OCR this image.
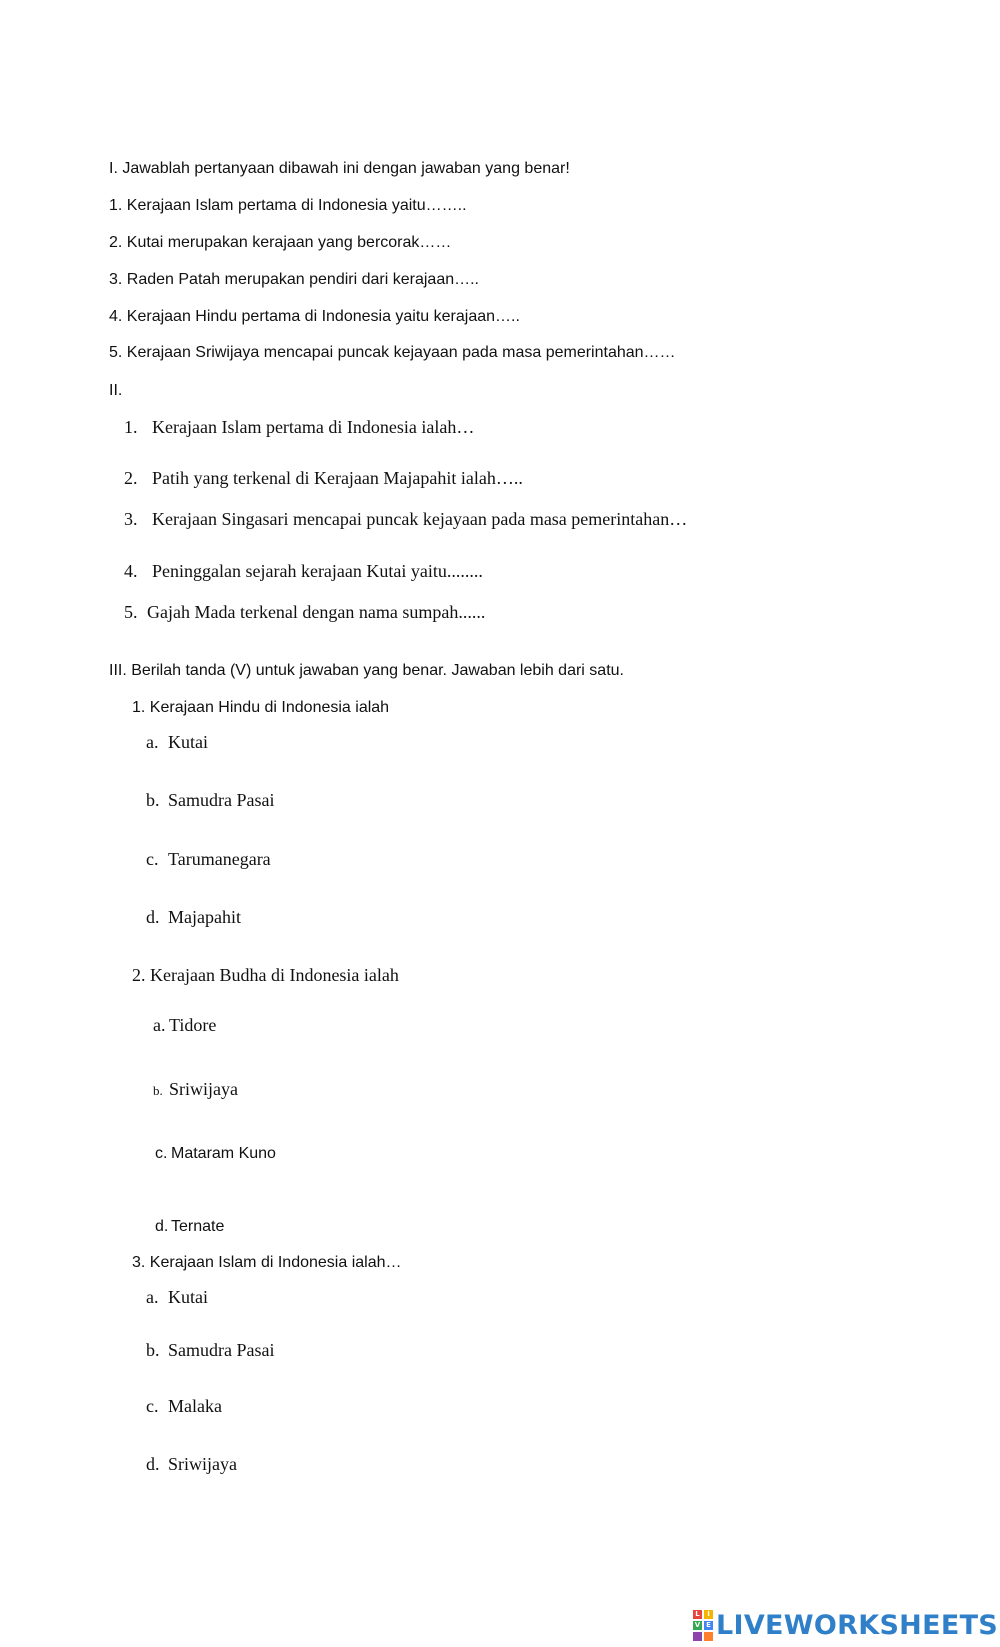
I. Jawablah pertanyaan dibawah ini dengan jawaban yang benar!
1. Kerajaan Islam pertama di Indonesia yaitu……..
2. Kutai merupakan kerajaan yang bercorak……
3. Raden Patah merupakan pendiri dari kerajaan…..
4. Kerajaan Hindu pertama di Indonesia yaitu kerajaan…..
5. Kerajaan Sriwijaya mencapai puncak kejayaan pada masa pemerintahan……
II.
1. Kerajaan Islam pertama di Indonesia ialah…
2. Patih yang terkenal di Kerajaan Majapahit ialah…..
3. Kerajaan Singasari mencapai puncak kejayaan pada masa pemerintahan…
4. Peninggalan sejarah kerajaan Kutai yaitu........
5. Gajah Mada terkenal dengan nama sumpah......
III. Berilah tanda (V) untuk jawaban yang benar. Jawaban lebih dari satu.
1. Kerajaan Hindu di Indonesia ialah
a. Kutai
b. Samudra Pasai
c. Tarumanegara
d. Majapahit
2. Kerajaan Budha di Indonesia ialah
a. Tidore
b. Sriwijaya
c. Mataram Kuno
d. Ternate
3. Kerajaan Islam di Indonesia ialah…
a. Kutai
b. Samudra Pasai
c. Malaka
d. Sriwijaya
L	I
V E LIVEWORKSHEETS
